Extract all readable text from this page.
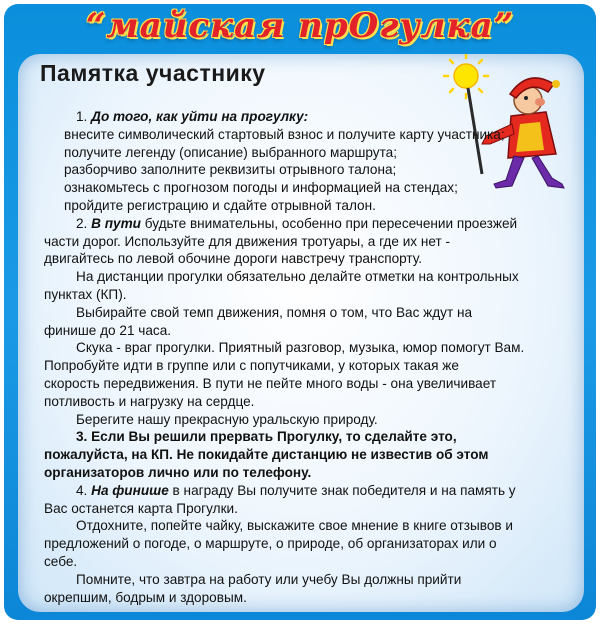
“майская прОгулка”
Памятка участнику
1. До того, как уйти на прогулку:
внесите символический стартовый взнос и получите карту участника;
получите легенду (описание) выбранного маршрута;
разборчиво заполните реквизиты отрывного талона;
ознакомьтесь с прогнозом погоды и информацией на стендах;
пройдите регистрацию и сдайте отрывной талон.
2. В пути будьте внимательны, особенно при пересечении проезжей
части дорог. Используйте для движения тротуары, а где их нет -
двигайтесь по левой обочине дороги навстречу транспорту.
На дистанции прогулки обязательно делайте отметки на контрольных
пунктах (КП).
Выбирайте свой темп движения, помня о том, что Вас ждут на
финише до 21 часа.
Скука - враг прогулки. Приятный разговор, музыка, юмор помогут Вам.
Попробуйте идти в группе или с попутчиками, у которых такая же
скорость передвижения. В пути не пейте много воды - она увеличивает
потливость и нагрузку на сердце.
Берегите нашу прекрасную уральскую природу.
3. Если Вы решили прервать Прогулку, то сделайте это,
пожалуйста, на КП. Не покидайте дистанцию не известив об этом
организаторов лично или по телефону.
4. На финише в награду Вы получите знак победителя и на память у
Вас останется карта Прогулки.
Отдохните, попейте чайку, выскажите свое мнение в книге отзывов и
предложений о погоде, о маршруте, о природе, об организаторах или о
себе.
Помните, что завтра на работу или учебу Вы должны прийти
окрепшим, бодрым и здоровым.
